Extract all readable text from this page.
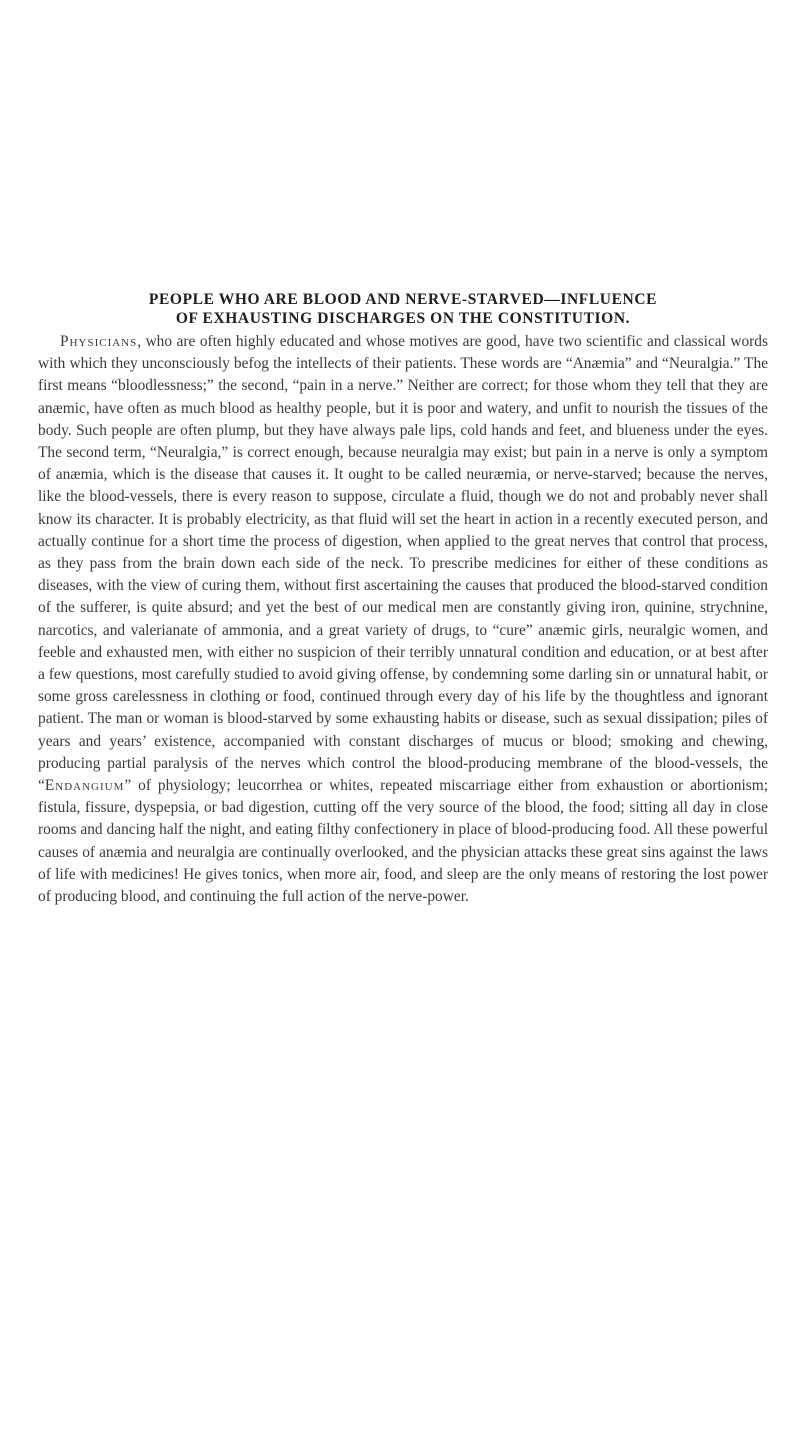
PEOPLE WHO ARE BLOOD AND NERVE-STARVED—INFLUENCE
OF EXHAUSTING DISCHARGES ON THE CONSTITUTION.

Physicians, who are often highly educated and whose motives are good, have two scientific and classical words with which they unconsciously befog the intellects of their patients. These words are “Anæmia” and “Neuralgia.” The first means “bloodlessness;” the second, “pain in a nerve.” Neither are correct; for those whom they tell that they are anæmic, have often as much blood as healthy people, but it is poor and watery, and unfit to nourish the tissues of the body. Such people are often plump, but they have always pale lips, cold hands and feet, and blueness under the eyes. The second term, “Neuralgia,” is correct enough, because neuralgia may exist; but pain in a nerve is only a symptom of anæmia, which is the disease that causes it. It ought to be called neuræmia, or nerve-starved; because the nerves, like the blood-vessels, there is every reason to suppose, circulate a fluid, though we do not and probably never shall know its character. It is probably electricity, as that fluid will set the heart in action in a recently executed person, and actually continue for a short time the process of digestion, when applied to the great nerves that control that process, as they pass from the brain down each side of the neck. To prescribe medicines for either of these conditions as diseases, with the view of curing them, without first ascertaining the causes that produced the blood-starved condition of the sufferer, is quite absurd; and yet the best of our medical men are constantly giving iron, quinine, strychnine, narcotics, and valerianate of ammonia, and a great variety of drugs, to “cure” anæmic girls, neuralgic women, and feeble and exhausted men, with either no suspicion of their terribly unnatural condition and education, or at best after a few questions, most carefully studied to avoid giving offense, by condemning some darling sin or unnatural habit, or some gross carelessness in clothing or food, continued through every day of his life by the thoughtless and ignorant patient. The man or woman is blood-starved by some exhausting habits or disease, such as sexual dissipation; piles of years and years’ existence, accompanied with constant discharges of mucus or blood; smoking and chewing, producing partial paralysis of the nerves which control the blood-producing membrane of the blood-vessels, the “Endangium” of physiology; leucorrhea or whites, repeated miscarriage either from exhaustion or abortionism; fistula, fissure, dyspepsia, or bad digestion, cutting off the very source of the blood, the food; sitting all day in close rooms and dancing half the night, and eating filthy confectionery in place of blood-producing food. All these powerful causes of anæmia and neuralgia are continually overlooked, and the physician attacks these great sins against the laws of life with medicines! He gives tonics, when more air, food, and sleep are the only means of restoring the lost power of producing blood, and continuing the full action of the nerve-power.
